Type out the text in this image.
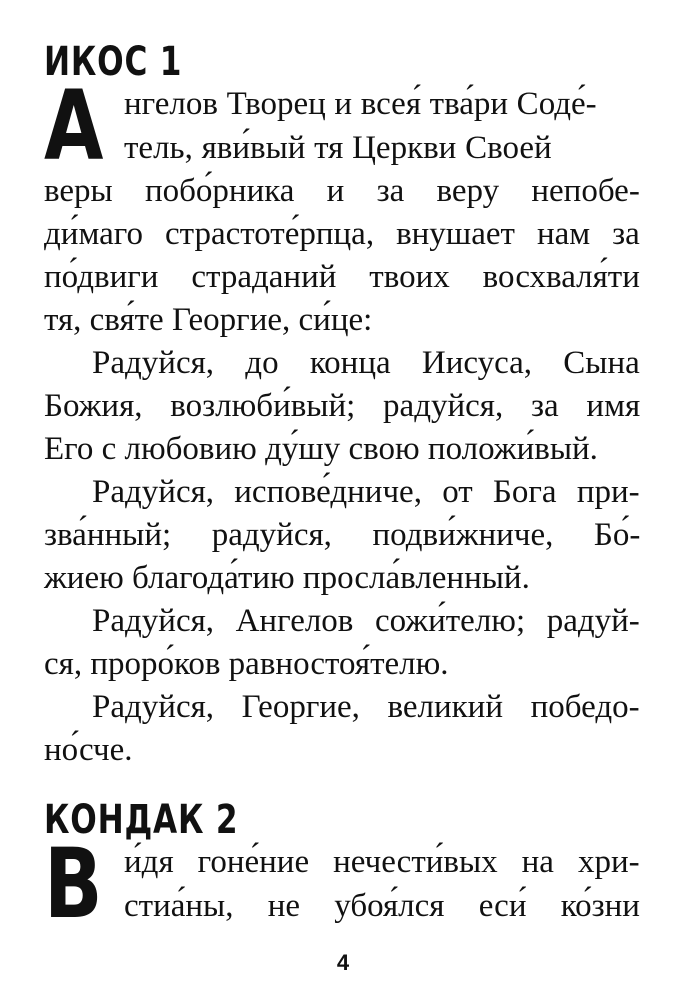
ИКОС 1
А нгелов Творец и всея́ тва́ри Соде́-
тель, яви́вый тя Церкви Своей
веры побо́рника и за веру непобе-
ди́маго страстоте́рпца, внушает нам за
по́двиги страданий твоих восхваля́ти
тя, свя́те Георгие, си́це:
Радуйся, до конца Иисуса, Сына
Божия, возлюби́вый; радуйся, за имя
Его с любовию ду́шу свою положи́вый.
Радуйся, испове́дниче, от Бога при-
зва́нный; радуйся, подви́жниче, Бо́-
жиею благода́тию просла́вленный.
Радуйся, Ангелов сожи́телю; радуй-
ся, проро́ков равностоя́телю.
Радуйся, Георгие, великий победо-
но́сче.
КОНДАК 2
В и́дя гоне́ние нечести́вых на хри-
стиа́ны, не убоя́лся еси́ ко́зни
4
